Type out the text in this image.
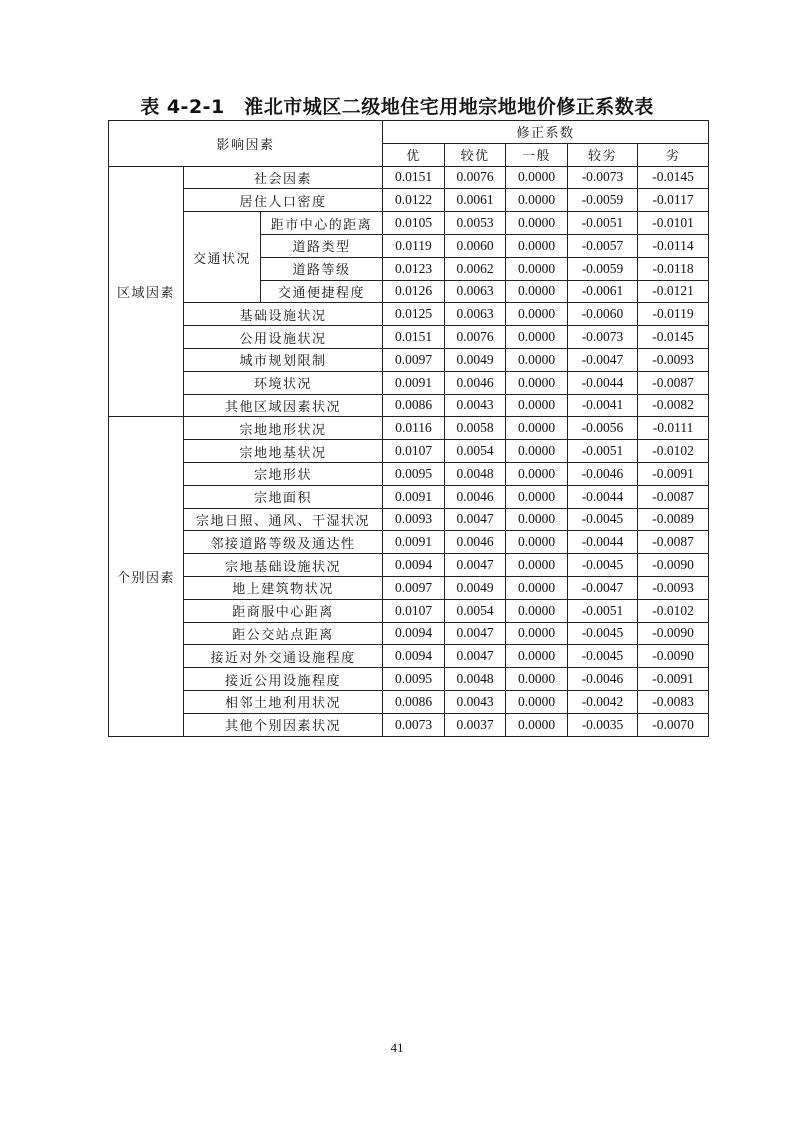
表 4-2-1　淮北市城区二级地住宅用地宗地地价修正系数表
影响因素			修正系数				
			优	较优	一般	较劣	劣
区域因素	社会因素		0.0151	0.0076	0.0000	-0.0073	-0.0145
	居住人口密度		0.0122	0.0061	0.0000	-0.0059	-0.0117
	交通状况	距市中心的距离	0.0105	0.0053	0.0000	-0.0051	-0.0101
		道路类型	0.0119	0.0060	0.0000	-0.0057	-0.0114
		道路等级	0.0123	0.0062	0.0000	-0.0059	-0.0118
		交通便捷程度	0.0126	0.0063	0.0000	-0.0061	-0.0121
	基础设施状况		0.0125	0.0063	0.0000	-0.0060	-0.0119
	公用设施状况		0.0151	0.0076	0.0000	-0.0073	-0.0145
	城市规划限制		0.0097	0.0049	0.0000	-0.0047	-0.0093
	环境状况		0.0091	0.0046	0.0000	-0.0044	-0.0087
	其他区域因素状况		0.0086	0.0043	0.0000	-0.0041	-0.0082
个别因素	宗地地形状况		0.0116	0.0058	0.0000	-0.0056	-0.0111
	宗地地基状况		0.0107	0.0054	0.0000	-0.0051	-0.0102
	宗地形状		0.0095	0.0048	0.0000	-0.0046	-0.0091
	宗地面积		0.0091	0.0046	0.0000	-0.0044	-0.0087
	宗地日照、通风、干湿状况		0.0093	0.0047	0.0000	-0.0045	-0.0089
	邻接道路等级及通达性		0.0091	0.0046	0.0000	-0.0044	-0.0087
	宗地基础设施状况		0.0094	0.0047	0.0000	-0.0045	-0.0090
	地上建筑物状况		0.0097	0.0049	0.0000	-0.0047	-0.0093
	距商服中心距离		0.0107	0.0054	0.0000	-0.0051	-0.0102
	距公交站点距离		0.0094	0.0047	0.0000	-0.0045	-0.0090
	接近对外交通设施程度		0.0094	0.0047	0.0000	-0.0045	-0.0090
	接近公用设施程度		0.0095	0.0048	0.0000	-0.0046	-0.0091
	相邻土地利用状况		0.0086	0.0043	0.0000	-0.0042	-0.0083
	其他个别因素状况		0.0073	0.0037	0.0000	-0.0035	-0.0070
41
